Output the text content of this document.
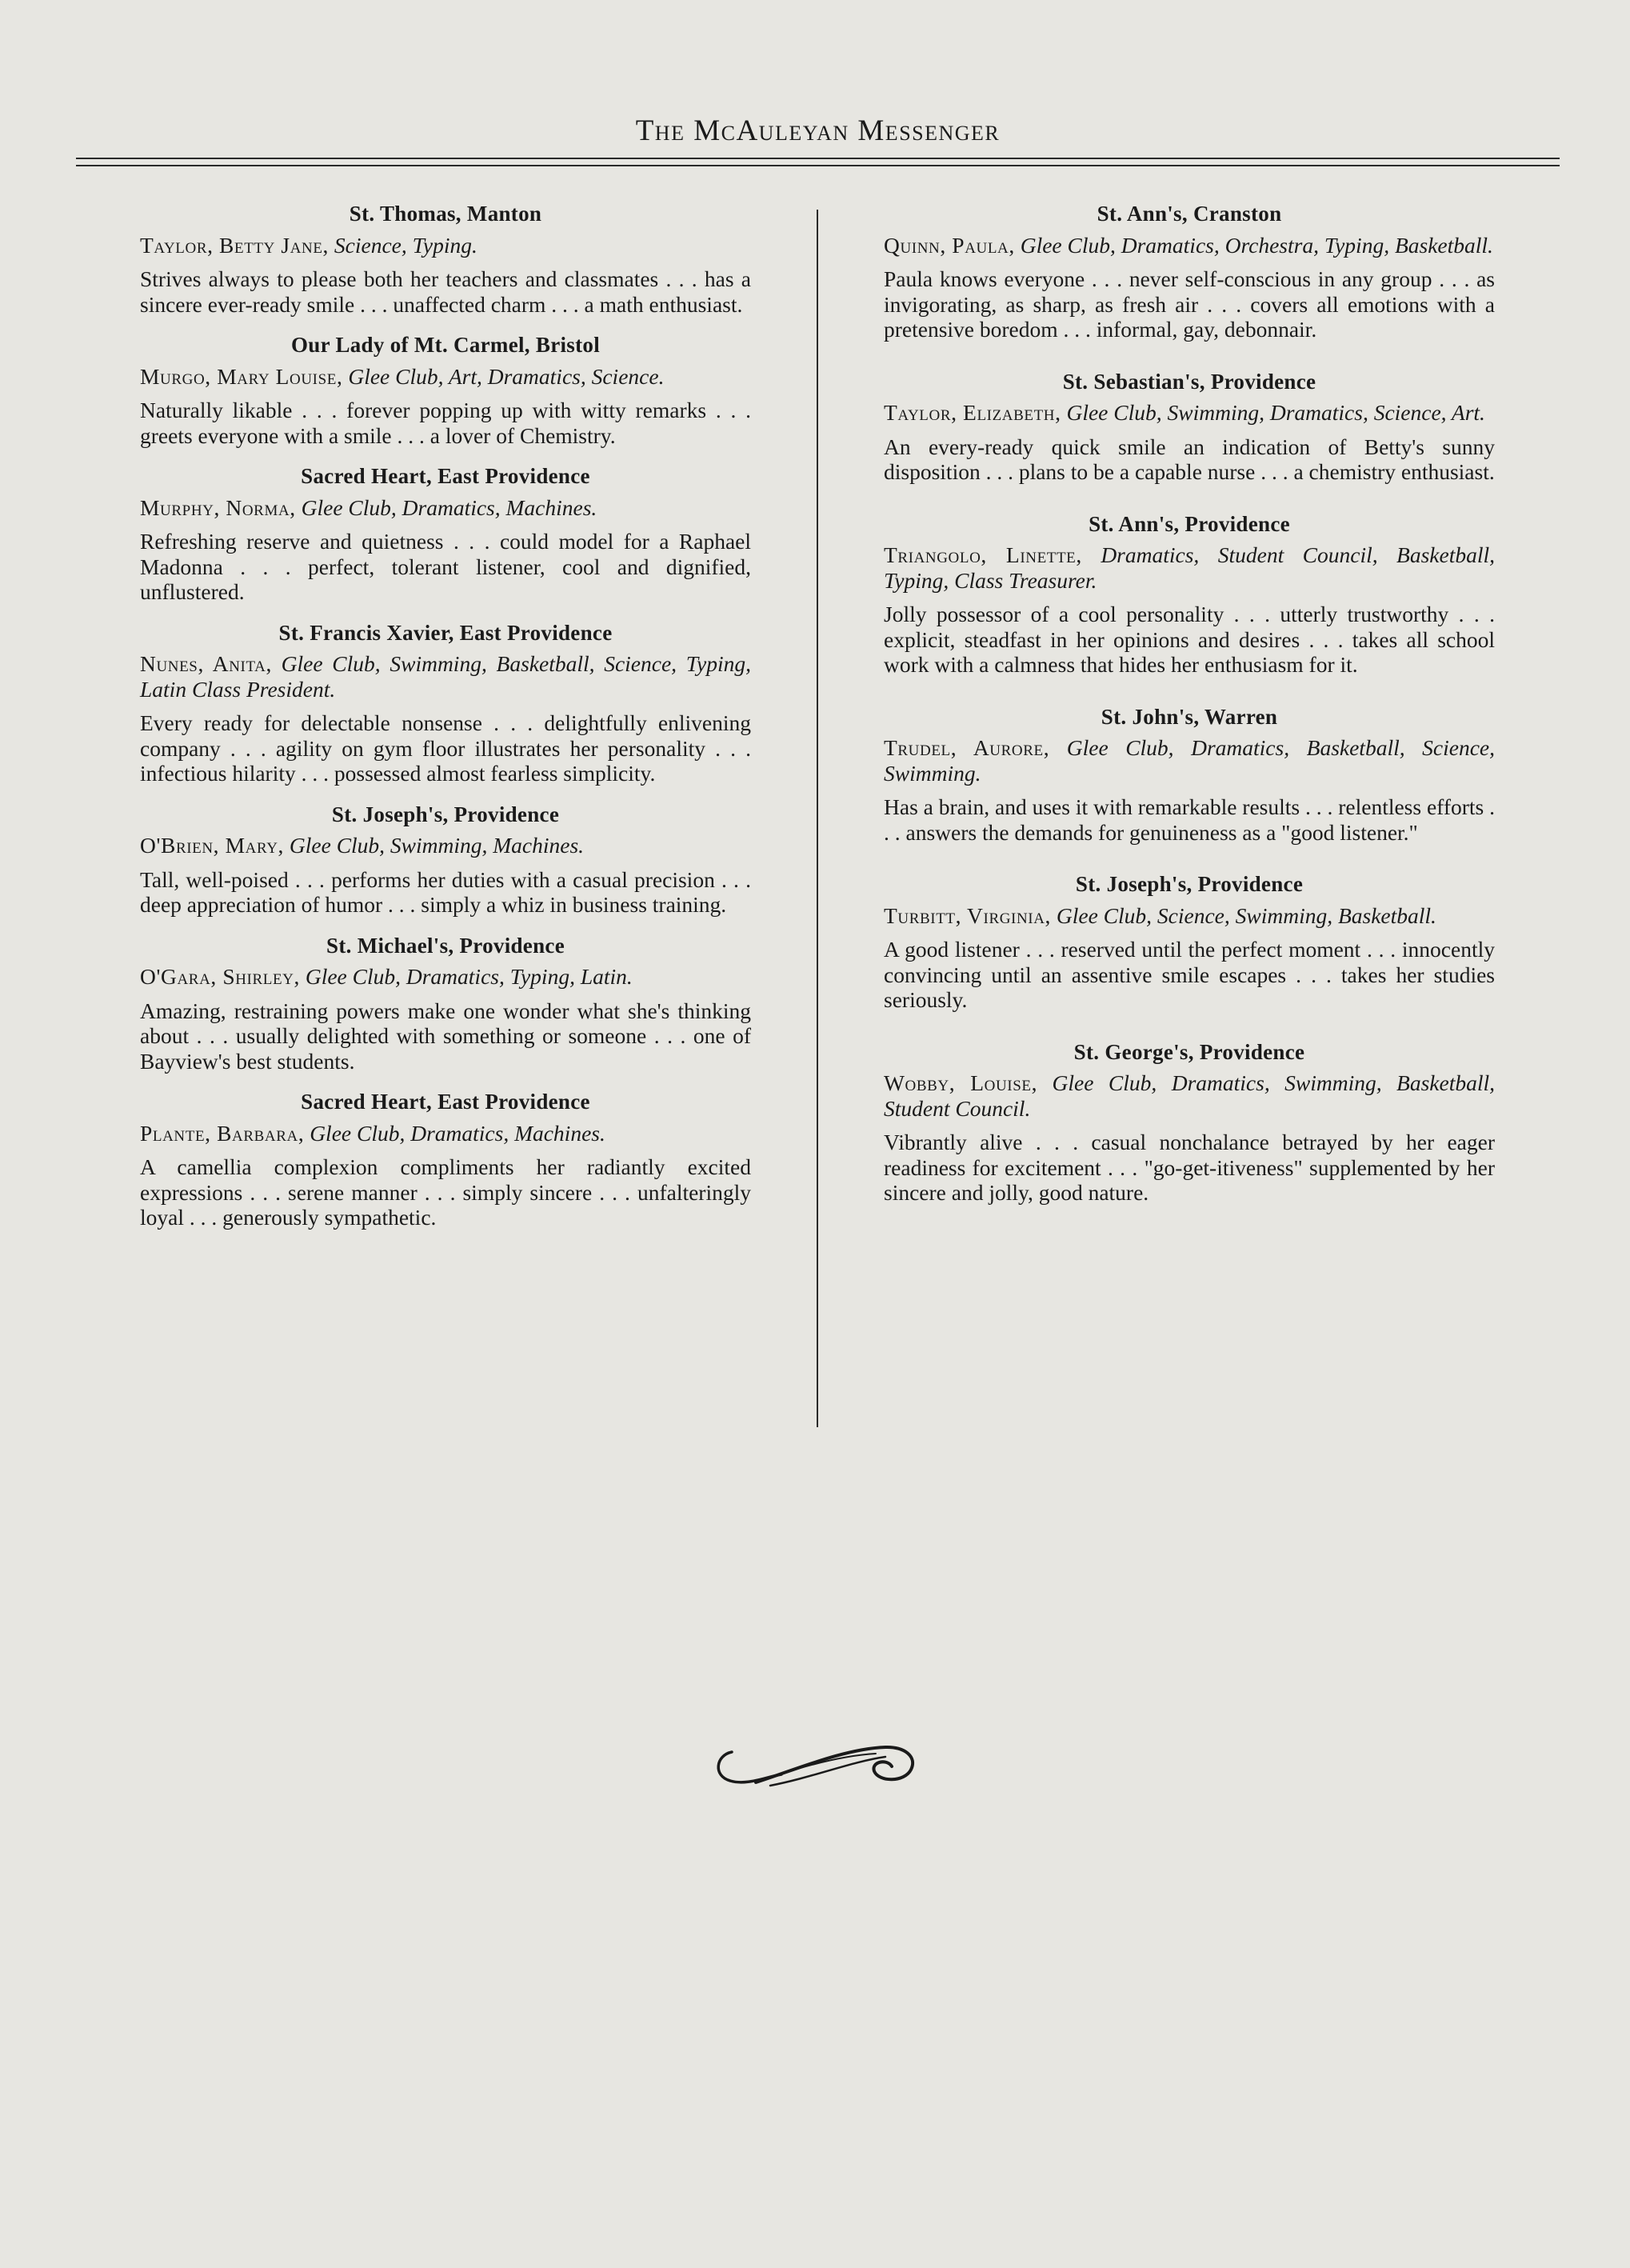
The McAuleyan Messenger
St. Thomas, Manton
Taylor, Betty Jane, Science, Typing.
Strives always to please both her teachers and classmates . . . has a sincere ever-ready smile . . . unaffected charm . . . a math enthusiast.
Our Lady of Mt. Carmel, Bristol
Murgo, Mary Louise, Glee Club, Art, Dramatics, Science.
Naturally likable . . . forever popping up with witty remarks . . . greets everyone with a smile . . . a lover of Chemistry.
Sacred Heart, East Providence
Murphy, Norma, Glee Club, Dramatics, Machines.
Refreshing reserve and quietness . . . could model for a Raphael Madonna . . . perfect, tolerant listener, cool and dignified, unflustered.
St. Francis Xavier, East Providence
Nunes, Anita, Glee Club, Swimming, Basketball, Science, Typing, Latin Class President.
Every ready for delectable nonsense . . . delightfully enlivening company . . . agility on gym floor illustrates her personality . . . infectious hilarity . . . possessed almost fearless simplicity.
St. Joseph's, Providence
O'Brien, Mary, Glee Club, Swimming, Machines.
Tall, well-poised . . . performs her duties with a casual precision . . . deep appreciation of humor . . . simply a whiz in business training.
St. Michael's, Providence
O'Gara, Shirley, Glee Club, Dramatics, Typing, Latin.
Amazing, restraining powers make one wonder what she's thinking about . . . usually delighted with something or someone . . . one of Bayview's best students.
Sacred Heart, East Providence
Plante, Barbara, Glee Club, Dramatics, Machines.
A camellia complexion compliments her radiantly excited expressions . . . serene manner . . . simply sincere . . . unfalteringly loyal . . . generously sympathetic.
St. Ann's, Cranston
Quinn, Paula, Glee Club, Dramatics, Orchestra, Typing, Basketball.
Paula knows everyone . . . never self-conscious in any group . . . as invigorating, as sharp, as fresh air . . . covers all emotions with a pretensive boredom . . . informal, gay, debonnair.
St. Sebastian's, Providence
Taylor, Elizabeth, Glee Club, Swimming, Dramatics, Science, Art.
An every-ready quick smile an indication of Betty's sunny disposition . . . plans to be a capable nurse . . . a chemistry enthusiast.
St. Ann's, Providence
Triangolo, Linette, Dramatics, Student Council, Basketball, Typing, Class Treasurer.
Jolly possessor of a cool personality . . . utterly trustworthy . . . explicit, steadfast in her opinions and desires . . . takes all school work with a calmness that hides her enthusiasm for it.
St. John's, Warren
Trudel, Aurore, Glee Club, Dramatics, Basketball, Science, Swimming.
Has a brain, and uses it with remarkable results . . . relentless efforts . . . answers the demands for genuineness as a "good listener."
St. Joseph's, Providence
Turbitt, Virginia, Glee Club, Science, Swimming, Basketball.
A good listener . . . reserved until the perfect moment . . . innocently convincing until an assentive smile escapes . . . takes her studies seriously.
St. George's, Providence
Wobby, Louise, Glee Club, Dramatics, Swimming, Basketball, Student Council.
Vibrantly alive . . . casual nonchalance betrayed by her eager readiness for excitement . . . "go-get-itiveness" supplemented by her sincere and jolly, good nature.
